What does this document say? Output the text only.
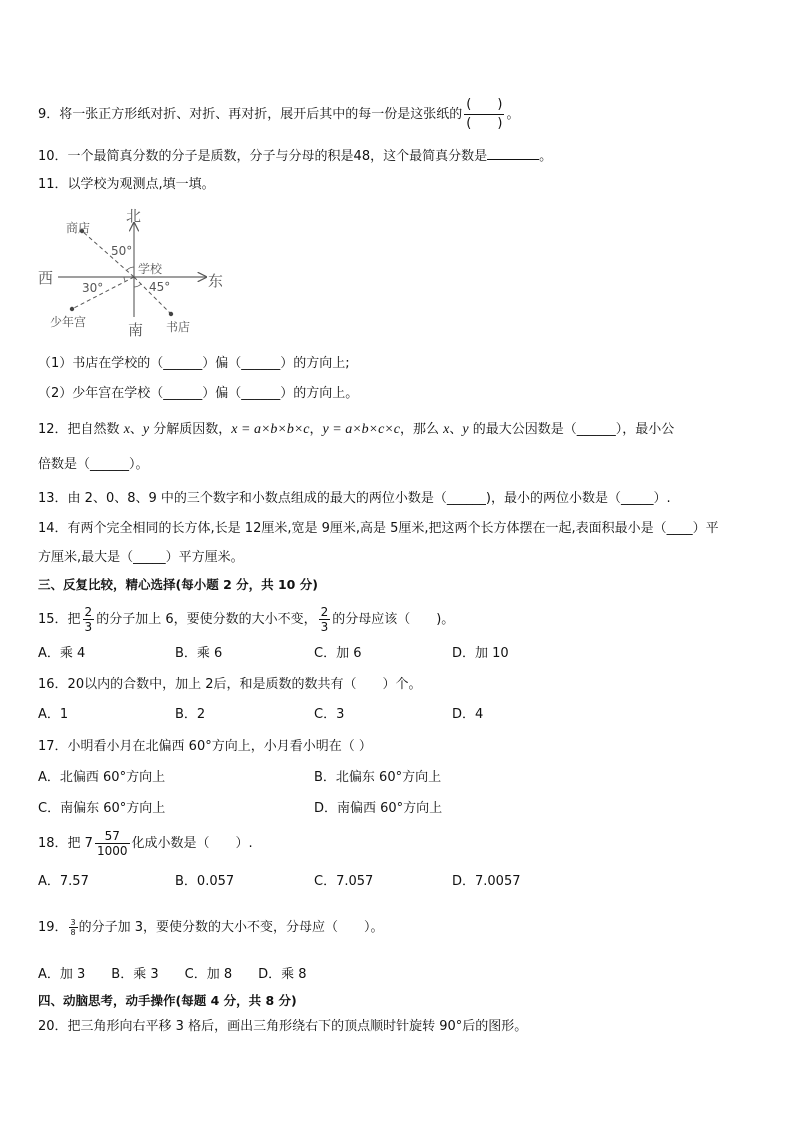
9．将一张正方形纸对折、对折、再对折，展开后其中的每一份是这张纸的 $\frac{( )}{( )}$ 。
10．一个最简真分数的分子是质数，分子与分母的积是48，这个最简真分数是	。
11．以学校为观测点,填一填。
北
南
西	东
学校
商店
少年宫	书店
50°
30°	45°
（1）书店在学校的（______）偏（______）的方向上;
（2）少年宫在学校（______）偏（______）的方向上。
12．把自然数 x、y 分解质因数，x = a×b×b×c，y = a×b×c×c，那么 x、y 的最大公因数是（______），最小公
倍数是（______）。
13．由 2、0、8、9 中的三个数字和小数点组成的最大的两位小数是（______)，最小的两位小数是（_____）.
14．有两个完全相同的长方体,长是 12厘米,宽是 9厘米,高是 5厘米,把这两个长方体摆在一起,表面积最小是（____）平
方厘米,最大是（_____）平方厘米。
三、反复比较，精心选择(每小题 2 分，共 10 分)
15．把 $\frac{2}{3}$ 的分子加上 6，要使分数的大小不变， $\frac{2}{3}$ 的分母应该（　　)。
A．乘 4	B．乘 6	C．加 6	D．加 10
16．20以内的合数中，加上 2后，和是质数的数共有（　　）个。
A．1	B．2	C．3	D．4
17．小明看小月在北偏西 60°方向上，小月看小明在（ ）
A．北偏西 60°方向上	B．北偏东 60°方向上
C．南偏东 60°方向上	D．南偏西 60°方向上
18．把 $7 \frac{57}{1000}$ 化成小数是（　　）.
A．7.57	B．0.057	C．7.057	D．7.0057
19． $\frac{3}{8}$ 的分子加 3，要使分数的大小不变，分母应（　　）。
A．加 3　　B．乘 3　　C．加 8　　D．乘 8
四、动脑思考，动手操作(每题 4 分，共 8 分)
20．把三角形向右平移 3 格后，画出三角形绕右下的顶点顺时针旋转 90°后的图形。
